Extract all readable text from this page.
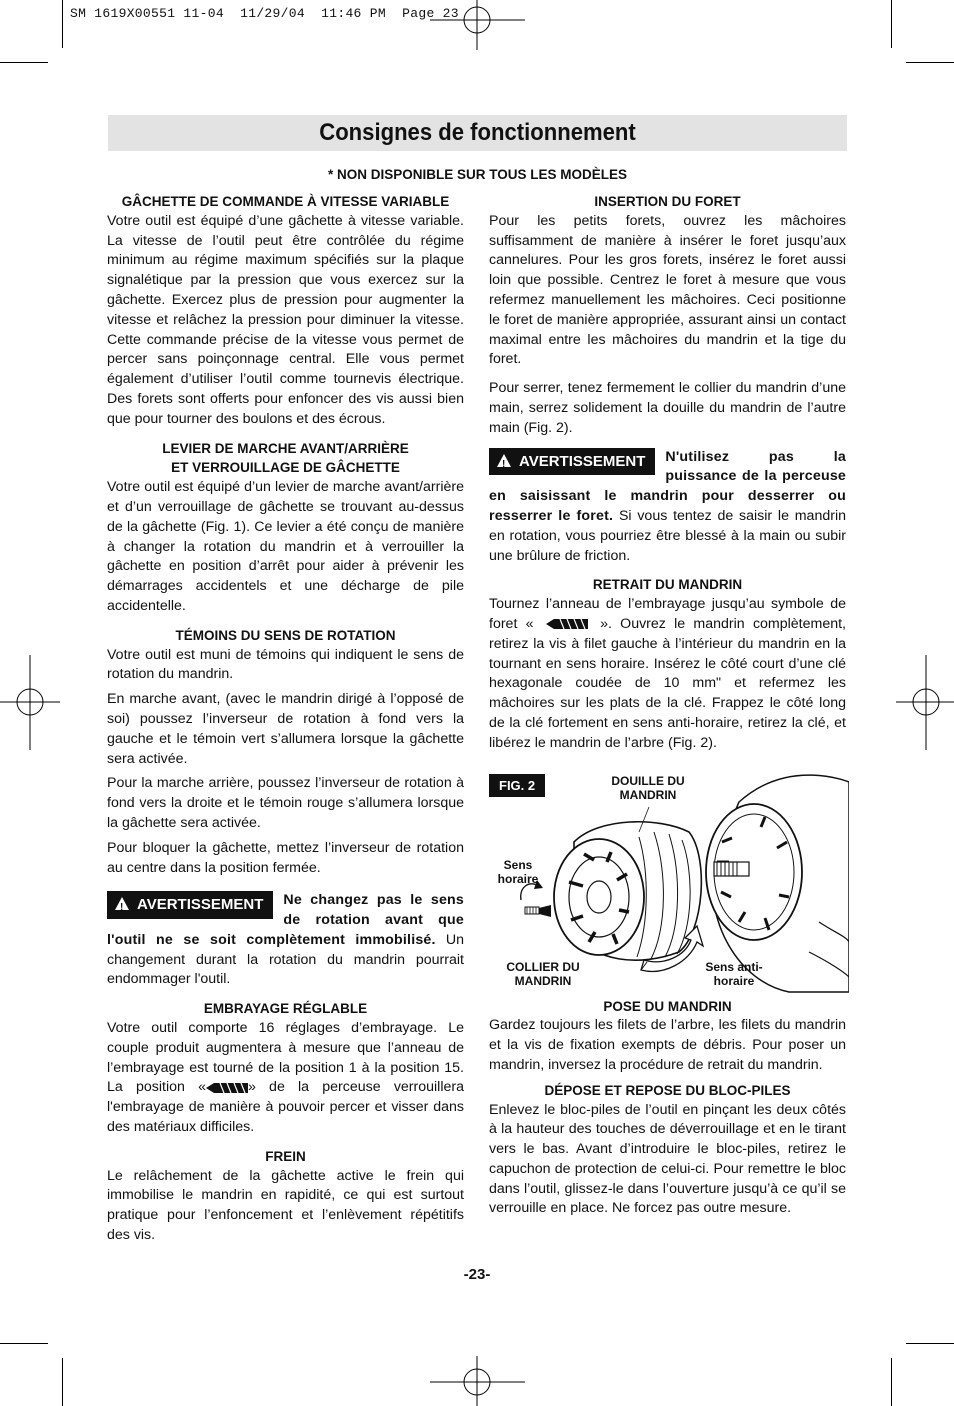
SM 1619X00551 11-04  11/29/04  11:46 PM  Page 23
Consignes de fonctionnement
* NON DISPONIBLE SUR TOUS LES MODÈLES
GÂCHETTE DE COMMANDE À VITESSE VARIABLE
Votre outil est équipé d’une gâchette à vitesse variable. La vitesse de l’outil peut être contrôlée du régime minimum au régime maximum spécifiés sur la plaque signalétique par la pression que vous exercez sur la gâchette. Exercez plus de pression pour augmenter la vitesse et relâchez la pression pour diminuer la vitesse. Cette commande précise de la vitesse vous permet de percer sans poinçonnage central. Elle vous permet également d’utiliser l’outil comme tournevis électrique. Des forets sont offerts pour enfoncer des vis aussi bien que pour tourner des boulons et des écrous.
LEVIER DE MARCHE AVANT/ARRIÈRE
ET VERROUILLAGE DE GÂCHETTE
Votre outil est équipé d’un levier de marche avant/arrière et d’un verrouillage de gâchette se trouvant au-dessus de la gâchette (Fig. 1). Ce levier a été conçu de manière à changer la rotation du mandrin et à verrouiller la gâchette en position d’arrêt pour aider à prévenir les démarrages accidentels et une décharge de pile accidentelle.
TÉMOINS DU SENS DE ROTATION
Votre outil est muni de témoins qui indiquent le sens de rotation du mandrin.
En marche avant, (avec le mandrin dirigé à l’opposé de soi) poussez l’inverseur de rotation à fond vers la gauche et le témoin vert s’allumera lorsque la gâchette sera activée.
Pour la marche arrière, poussez l’inverseur de rotation à fond vers la droite et le témoin rouge s’allumera lorsque la gâchette sera activée.
Pour bloquer la gâchette, mettez l’inverseur de rotation au centre dans la position fermée.
!AVERTISSEMENT	Ne changez pas le sens de rotation avant que l'outil ne se soit complètement immobilisé. Un changement durant la rotation du mandrin pourrait endommager l'outil.
EMBRAYAGE RÉGLABLE
Votre outil comporte 16 réglages d’embrayage. Le couple produit augmentera à mesure que l’anneau de l’embrayage est tourné de la position 1 à la position 15. La position «	» de la perceuse verrouillera l'embrayage de manière à pouvoir percer et visser dans des matériaux difficiles.
FREIN
Le relâchement de la gâchette active le frein qui immobilise le mandrin en rapidité, ce qui est surtout pratique pour l’enfoncement et l’enlèvement répétitifs des vis.
INSERTION DU FORET
Pour les petits forets, ouvrez les mâchoires suffisamment de manière à insérer le foret jusqu’aux cannelures. Pour les gros forets, insérez le foret aussi loin que possible. Centrez le foret à mesure que vous refermez manuellement les mâchoires. Ceci positionne le foret de manière appropriée, assurant ainsi un contact maximal entre les mâchoires du mandrin et la tige du foret.
Pour serrer, tenez fermement le collier du mandrin d’une main, serrez solidement la douille du mandrin de l’autre main (Fig. 2).
!AVERTISSEMENT	N'utilisez pas la puissance de la perceuse en saisissant le mandrin pour desserrer ou resserrer le foret. Si vous tentez de saisir le mandrin en rotation, vous pourriez être blessé à la main ou subir une brûlure de friction.
RETRAIT DU MANDRIN
Tournez l’anneau de l’embrayage jusqu’au symbole de foret «	». Ouvrez le mandrin complètement, retirez la vis à filet gauche à l’intérieur du mandrin en la tournant en sens horaire. Insérez le côté court d’une clé hexagonale coudée de 10 mm" et refermez les mâchoires sur les plats de la clé. Frappez le côté long de la clé fortement en sens anti-horaire, retirez la clé, et libérez le mandrin de l’arbre (Fig. 2).
FIG. 2	DOUILLE DU MANDRIN
Sens horaire
COLLIER DU MANDRIN
Sens anti-horaire
POSE DU MANDRIN
Gardez toujours les filets de l’arbre, les filets du mandrin et la vis de fixation exempts de débris. Pour poser un mandrin, inversez la procédure de retrait du mandrin.
DÉPOSE ET REPOSE DU BLOC-PILES
Enlevez le bloc-piles de l’outil en pinçant les deux côtés à la hauteur des touches de déverrouillage et en le tirant vers le bas. Avant d’introduire le bloc-piles, retirez le capuchon de protection de celui-ci. Pour remettre le bloc dans l’outil, glissez-le dans l’ouverture jusqu’à ce qu’il se verrouille en place. Ne forcez pas outre mesure.
-23-
